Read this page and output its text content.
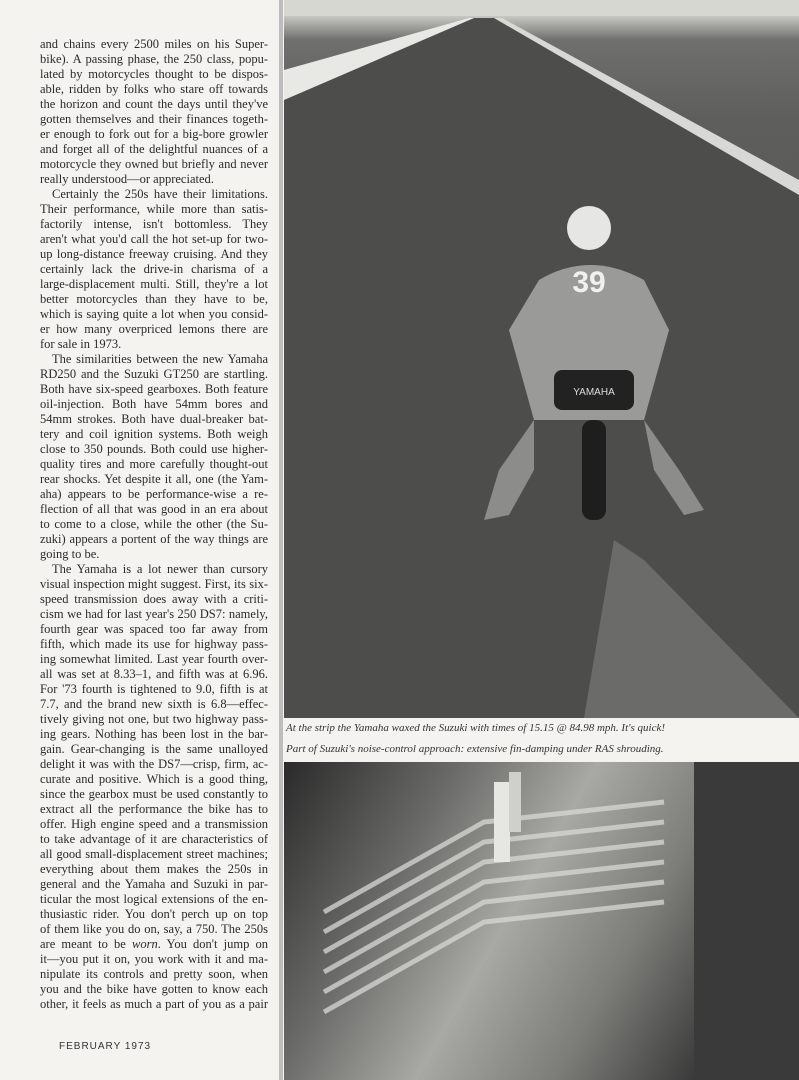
and chains every 2500 miles on his Super-
bike). A passing phase, the 250 class, popu-
lated by motorcycles thought to be dispos-
able, ridden by folks who stare off towards
the horizon and count the days until they've
gotten themselves and their finances togeth-
er enough to fork out for a big-bore growler
and forget all of the delightful nuances of a
motorcycle they owned but briefly and never
really understood—or appreciated.
Certainly the 250s have their limitations.
Their performance, while more than satis-
factorily intense, isn't bottomless. They
aren't what you'd call the hot set-up for two-
up long-distance freeway cruising. And they
certainly lack the drive-in charisma of a
large-displacement multi. Still, they're a lot
better motorcycles than they have to be,
which is saying quite a lot when you consid-
er how many overpriced lemons there are
for sale in 1973.
The similarities between the new Yamaha
RD250 and the Suzuki GT250 are startling.
Both have six-speed gearboxes. Both feature
oil-injection. Both have 54mm bores and
54mm strokes. Both have dual-breaker bat-
tery and coil ignition systems. Both weigh
close to 350 pounds. Both could use higher-
quality tires and more carefully thought-out
rear shocks. Yet despite it all, one (the Yam-
aha) appears to be performance-wise a re-
flection of all that was good in an era about
to come to a close, while the other (the Su-
zuki) appears a portent of the way things are
going to be.
The Yamaha is a lot newer than cursory
visual inspection might suggest. First, its six-
speed transmission does away with a criti-
cism we had for last year's 250 DS7: namely,
fourth gear was spaced too far away from
fifth, which made its use for highway pass-
ing somewhat limited. Last year fourth over-
all was set at 8.33–1, and fifth was at 6.96.
For '73 fourth is tightened to 9.0, fifth is at
7.7, and the brand new sixth is 6.8—effec-
tively giving not one, but two highway pass-
ing gears. Nothing has been lost in the bar-
gain. Gear-changing is the same unalloyed
delight it was with the DS7—crisp, firm, ac-
curate and positive. Which is a good thing,
since the gearbox must be used constantly to
extract all the performance the bike has to
offer. High engine speed and a transmission
to take advantage of it are characteristics of
all good small-displacement street machines;
everything about them makes the 250s in
general and the Yamaha and Suzuki in par-
ticular the most logical extensions of the en-
thusiastic rider. You don't perch up on top
of them like you do on, say, a 750. The 250s
are meant to be worn. You don't jump on
it—you put it on, you work with it and ma-
nipulate its controls and pretty soon, when
you and the bike have gotten to know each
other, it feels as much a part of you as a pair
39
YAMAHA
At the strip the Yamaha waxed the Suzuki with times of 15.15 @ 84.98 mph. It's quick!
Part of Suzuki's noise-control approach: extensive fin-damping under RAS shrouding.
FEBRUARY 1973
